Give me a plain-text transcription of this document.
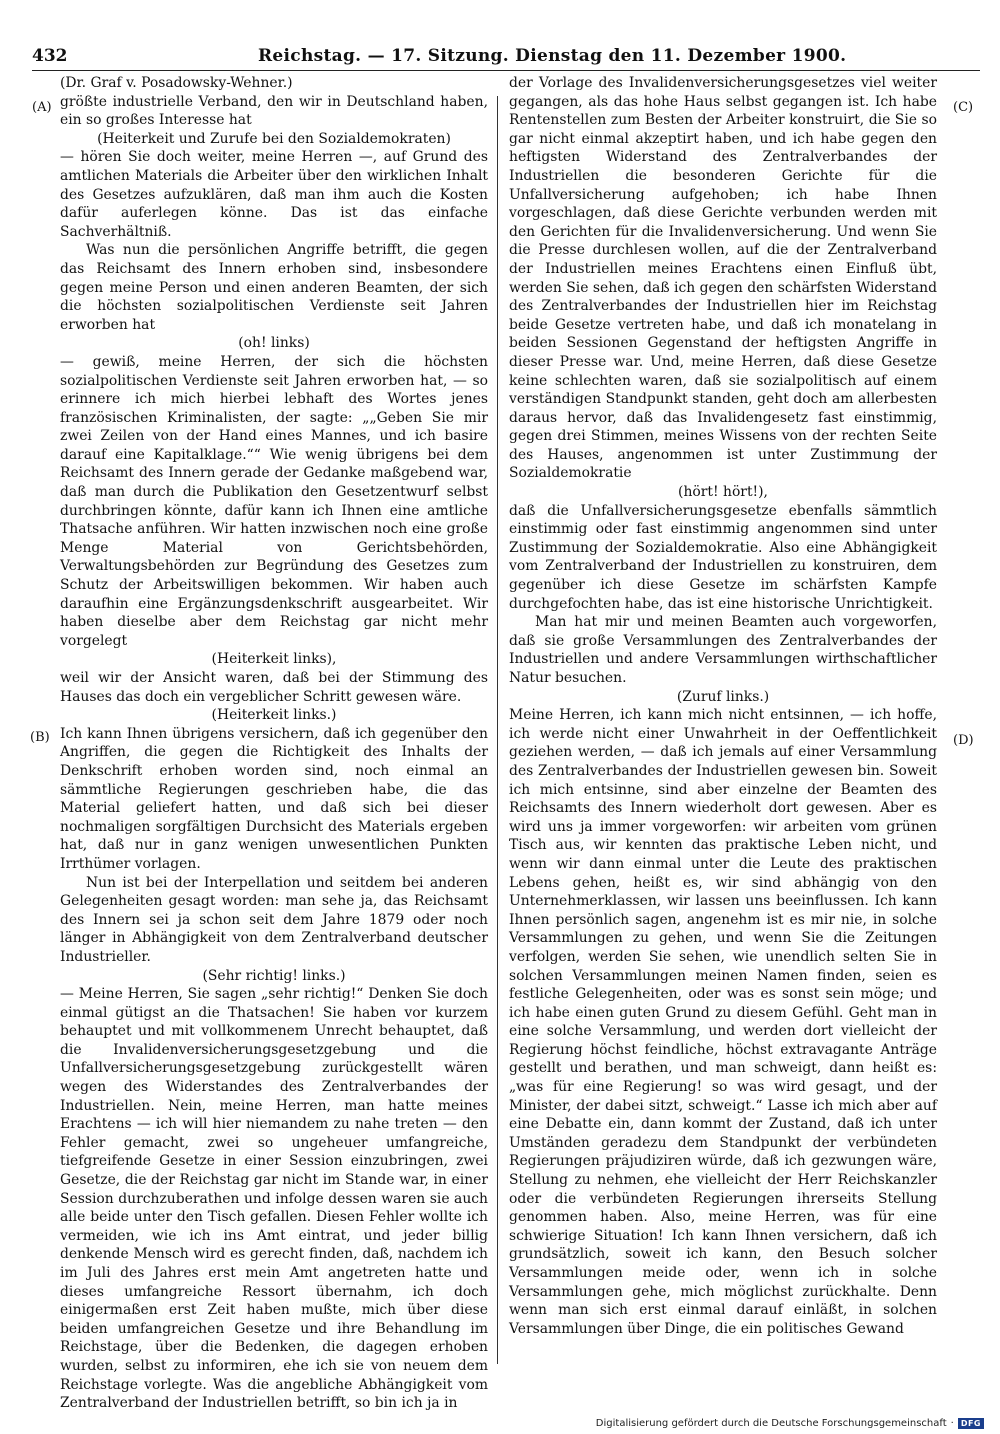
432	Reichstag. — 17. Sitzung. Dienstag den 11. Dezember 1900.
(A)
(B)
(C)
(D)

(Dr. Graf v. Posadowsky-Wehner.)

größte industrielle Verband, den wir in Deutschland haben, ein so großes Interesse hat

(Heiterkeit und Zurufe bei den Sozialdemokraten)

— hören Sie doch weiter, meine Herren —, auf Grund des amtlichen Materials die Arbeiter über den wirklichen Inhalt des Gesetzes aufzuklären, daß man ihm auch die Kosten dafür auferlegen könne. Das ist das einfache Sachverhältniß.

Was nun die persönlichen Angriffe betrifft, die gegen das Reichsamt des Innern erhoben sind, insbesondere gegen meine Person und einen anderen Beamten, der sich die höchsten sozialpolitischen Verdienste seit Jahren erworben hat

(oh! links)

— gewiß, meine Herren, der sich die höchsten sozialpolitischen Verdienste seit Jahren erworben hat, — so erinnere ich mich hierbei lebhaft des Wortes jenes französischen Kriminalisten, der sagte: „„Geben Sie mir zwei Zeilen von der Hand eines Mannes, und ich basire darauf eine Kapitalklage.““ Wie wenig übrigens bei dem Reichsamt des Innern gerade der Gedanke maßgebend war, daß man durch die Publikation den Gesetzentwurf selbst durchbringen könnte, dafür kann ich Ihnen eine amtliche Thatsache anführen. Wir hatten inzwischen noch eine große Menge Material von Gerichtsbehörden, Verwaltungsbehörden zur Begründung des Gesetzes zum Schutz der Arbeitswilligen bekommen. Wir haben auch daraufhin eine Ergänzungsdenkschrift ausgearbeitet. Wir haben dieselbe aber dem Reichstag gar nicht mehr vorgelegt

(Heiterkeit links),

weil wir der Ansicht waren, daß bei der Stimmung des Hauses das doch ein vergeblicher Schritt gewesen wäre.

(Heiterkeit links.)

Ich kann Ihnen übrigens versichern, daß ich gegenüber den Angriffen, die gegen die Richtigkeit des Inhalts der Denkschrift erhoben worden sind, noch einmal an sämmtliche Regierungen geschrieben habe, die das Material geliefert hatten, und daß sich bei dieser nochmaligen sorgfältigen Durchsicht des Materials ergeben hat, daß nur in ganz wenigen unwesentlichen Punkten Irrthümer vorlagen.

Nun ist bei der Interpellation und seitdem bei anderen Gelegenheiten gesagt worden: man sehe ja, das Reichsamt des Innern sei ja schon seit dem Jahre 1879 oder noch länger in Abhängigkeit von dem Zentralverband deutscher Industrieller.

(Sehr richtig! links.)

— Meine Herren, Sie sagen „sehr richtig!“ Denken Sie doch einmal gütigst an die Thatsachen! Sie haben vor kurzem behauptet und mit vollkommenem Unrecht behauptet, daß die Invalidenversicherungsgesetzgebung und die Unfallversicherungsgesetzgebung zurückgestellt wären wegen des Widerstandes des Zentralverbandes der Industriellen. Nein, meine Herren, man hatte meines Erachtens — ich will hier niemandem zu nahe treten — den Fehler gemacht, zwei so ungeheuer umfangreiche, tiefgreifende Gesetze in einer Session einzubringen, zwei Gesetze, die der Reichstag gar nicht im Stande war, in einer Session durchzuberathen und infolge dessen waren sie auch alle beide unter den Tisch gefallen. Diesen Fehler wollte ich vermeiden, wie ich ins Amt eintrat, und jeder billig denkende Mensch wird es gerecht finden, daß, nachdem ich im Juli des Jahres erst mein Amt angetreten hatte und dieses umfangreiche Ressort übernahm, ich doch einigermaßen erst Zeit haben mußte, mich über diese beiden umfangreichen Gesetze und ihre Behandlung im Reichstage, über die Bedenken, die dagegen erhoben wurden, selbst zu informiren, ehe ich sie von neuem dem Reichstage vorlegte. Was die angebliche Abhängigkeit vom Zentralverband der Industriellen betrifft, so bin ich ja in

der Vorlage des Invalidenversicherungsgesetzes viel weiter gegangen, als das hohe Haus selbst gegangen ist. Ich habe Rentenstellen zum Besten der Arbeiter konstruirt, die Sie so gar nicht einmal akzeptirt haben, und ich habe gegen den heftigsten Widerstand des Zentralverbandes der Industriellen die besonderen Gerichte für die Unfallversicherung aufgehoben; ich habe Ihnen vorgeschlagen, daß diese Gerichte verbunden werden mit den Gerichten für die Invalidenversicherung. Und wenn Sie die Presse durchlesen wollen, auf die der Zentralverband der Industriellen meines Erachtens einen Einfluß übt, werden Sie sehen, daß ich gegen den schärfsten Widerstand des Zentralverbandes der Industriellen hier im Reichstag beide Gesetze vertreten habe, und daß ich monatelang in beiden Sessionen Gegenstand der heftigsten Angriffe in dieser Presse war. Und, meine Herren, daß diese Gesetze keine schlechten waren, daß sie sozialpolitisch auf einem verständigen Standpunkt standen, geht doch am allerbesten daraus hervor, daß das Invalidengesetz fast einstimmig, gegen drei Stimmen, meines Wissens von der rechten Seite des Hauses, angenommen ist unter Zustimmung der Sozialdemokratie

(hört! hört!),

daß die Unfallversicherungsgesetze ebenfalls sämmtlich einstimmig oder fast einstimmig angenommen sind unter Zustimmung der Sozialdemokratie. Also eine Abhängigkeit vom Zentralverband der Industriellen zu konstruiren, dem gegenüber ich diese Gesetze im schärfsten Kampfe durchgefochten habe, das ist eine historische Unrichtigkeit.

Man hat mir und meinen Beamten auch vorgeworfen, daß sie große Versammlungen des Zentralverbandes der Industriellen und andere Versammlungen wirthschaftlicher Natur besuchen.

(Zuruf links.)

Meine Herren, ich kann mich nicht entsinnen, — ich hoffe, ich werde nicht einer Unwahrheit in der Oeffentlichkeit geziehen werden, — daß ich jemals auf einer Versammlung des Zentralverbandes der Industriellen gewesen bin. Soweit ich mich entsinne, sind aber einzelne der Beamten des Reichsamts des Innern wiederholt dort gewesen. Aber es wird uns ja immer vorgeworfen: wir arbeiten vom grünen Tisch aus, wir kennten das praktische Leben nicht, und wenn wir dann einmal unter die Leute des praktischen Lebens gehen, heißt es, wir sind abhängig von den Unternehmerklassen, wir lassen uns beeinflussen. Ich kann Ihnen persönlich sagen, angenehm ist es mir nie, in solche Versammlungen zu gehen, und wenn Sie die Zeitungen verfolgen, werden Sie sehen, wie unendlich selten Sie in solchen Versammlungen meinen Namen finden, seien es festliche Gelegenheiten, oder was es sonst sein möge; und ich habe einen guten Grund zu diesem Gefühl. Geht man in eine solche Versammlung, und werden dort vielleicht der Regierung höchst feindliche, höchst extravagante Anträge gestellt und berathen, und man schweigt, dann heißt es: „was für eine Regierung! so was wird gesagt, und der Minister, der dabei sitzt, schweigt.“ Lasse ich mich aber auf eine Debatte ein, dann kommt der Zustand, daß ich unter Umständen geradezu dem Standpunkt der verbündeten Regierungen präjudiziren würde, daß ich gezwungen wäre, Stellung zu nehmen, ehe vielleicht der Herr Reichskanzler oder die verbündeten Regierungen ihrerseits Stellung genommen haben. Also, meine Herren, was für eine schwierige Situation! Ich kann Ihnen versichern, daß ich grundsätzlich, soweit ich kann, den Besuch solcher Versammlungen meide oder, wenn ich in solche Versammlungen gehe, mich möglichst zurückhalte. Denn wenn man sich erst einmal darauf einläßt, in solchen Versammlungen über Dinge, die ein politisches Gewand

Digitalisierung gefördert durch die Deutsche Forschungsgemeinschaft · DFG
